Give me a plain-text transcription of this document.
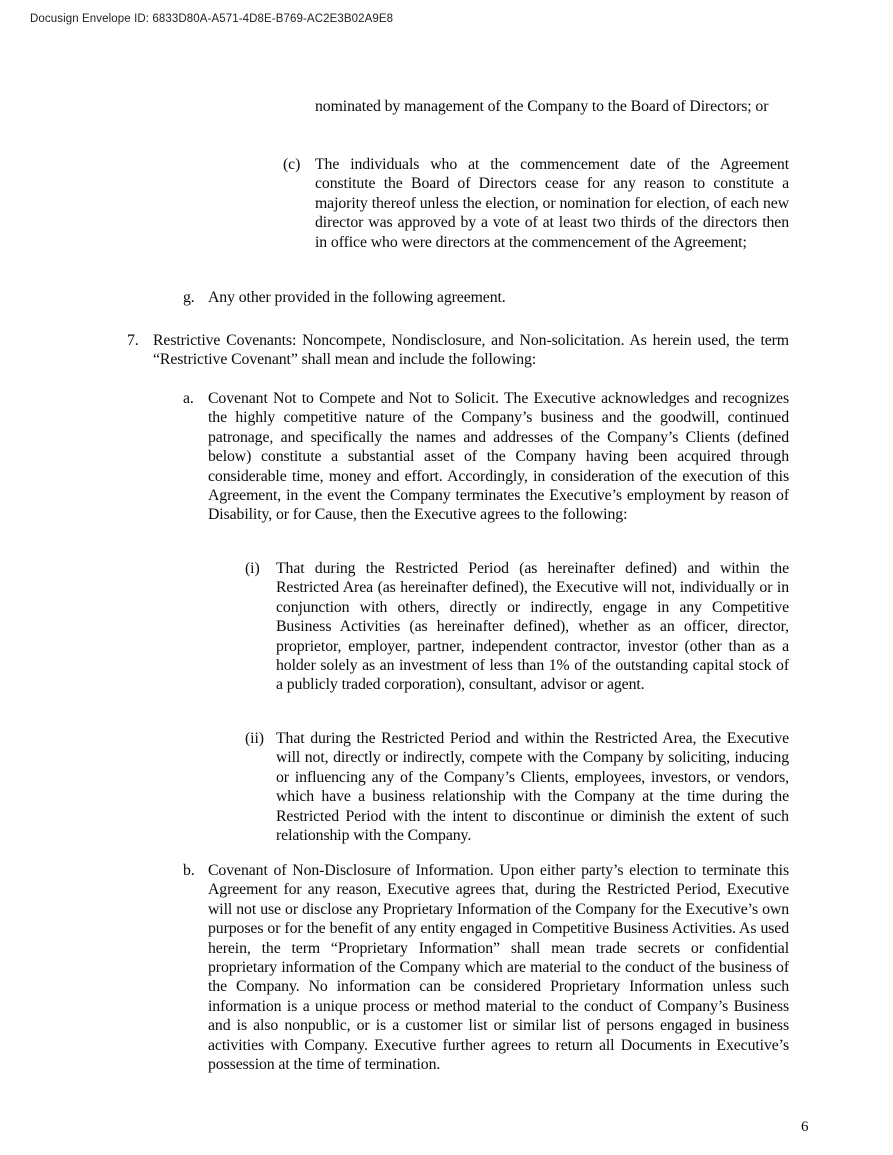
Docusign Envelope ID: 6833D80A-A571-4D8E-B769-AC2E3B02A9E8
nominated by management of the Company to the Board of Directors; or
(c) The individuals who at the commencement date of the Agreement constitute the Board of Directors cease for any reason to constitute a majority thereof unless the election, or nomination for election, of each new director was approved by a vote of at least two thirds of the directors then in office who were directors at the commencement of the Agreement;
g. Any other provided in the following agreement.
7. Restrictive Covenants: Noncompete, Nondisclosure, and Non-solicitation. As herein used, the term “Restrictive Covenant” shall mean and include the following:
a. Covenant Not to Compete and Not to Solicit. The Executive acknowledges and recognizes the highly competitive nature of the Company’s business and the goodwill, continued patronage, and specifically the names and addresses of the Company’s Clients (defined below) constitute a substantial asset of the Company having been acquired through considerable time, money and effort. Accordingly, in consideration of the execution of this Agreement, in the event the Company terminates the Executive’s employment by reason of Disability, or for Cause, then the Executive agrees to the following:
(i) That during the Restricted Period (as hereinafter defined) and within the Restricted Area (as hereinafter defined), the Executive will not, individually or in conjunction with others, directly or indirectly, engage in any Competitive Business Activities (as hereinafter defined), whether as an officer, director, proprietor, employer, partner, independent contractor, investor (other than as a holder solely as an investment of less than 1% of the outstanding capital stock of a publicly traded corporation), consultant, advisor or agent.
(ii) That during the Restricted Period and within the Restricted Area, the Executive will not, directly or indirectly, compete with the Company by soliciting, inducing or influencing any of the Company’s Clients, employees, investors, or vendors, which have a business relationship with the Company at the time during the Restricted Period with the intent to discontinue or diminish the extent of such relationship with the Company.
b. Covenant of Non-Disclosure of Information. Upon either party’s election to terminate this Agreement for any reason, Executive agrees that, during the Restricted Period, Executive will not use or disclose any Proprietary Information of the Company for the Executive’s own purposes or for the benefit of any entity engaged in Competitive Business Activities. As used herein, the term “Proprietary Information” shall mean trade secrets or confidential proprietary information of the Company which are material to the conduct of the business of the Company. No information can be considered Proprietary Information unless such information is a unique process or method material to the conduct of Company’s Business and is also nonpublic, or is a customer list or similar list of persons engaged in business activities with Company. Executive further agrees to return all Documents in Executive’s possession at the time of termination.
6
